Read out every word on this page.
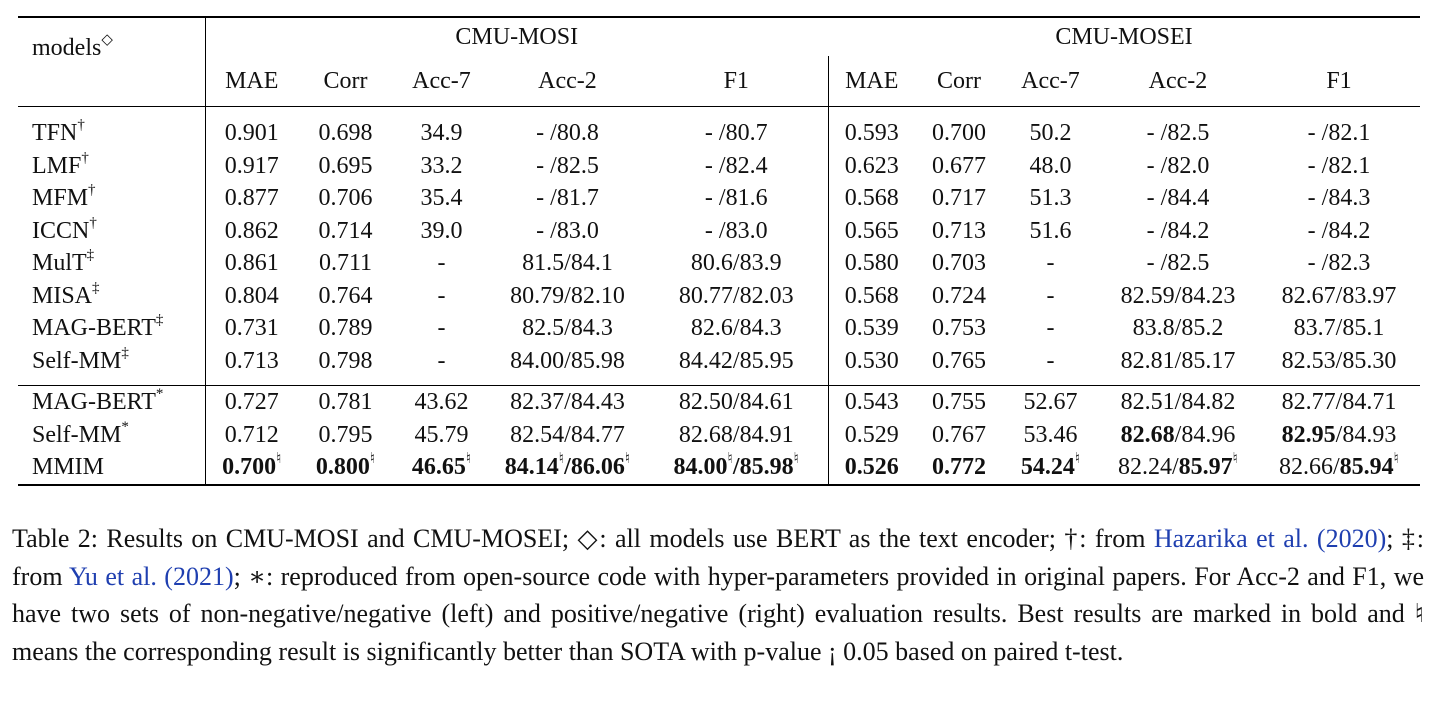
models◇	CMU-MOSI					CMU-MOSEI				
	MAE	Corr	Acc-7	Acc-2	F1	MAE	Corr	Acc-7	Acc-2	F1
TFN†	0.901	0.698	34.9	- /80.8	- /80.7	0.593	0.700	50.2	- /82.5	- /82.1
LMF†	0.917	0.695	33.2	- /82.5	- /82.4	0.623	0.677	48.0	- /82.0	- /82.1
MFM†	0.877	0.706	35.4	- /81.7	- /81.6	0.568	0.717	51.3	- /84.4	- /84.3
ICCN†	0.862	0.714	39.0	- /83.0	- /83.0	0.565	0.713	51.6	- /84.2	- /84.2
MulT‡	0.861	0.711	-	81.5/84.1	80.6/83.9	0.580	0.703	-	- /82.5	- /82.3
MISA‡	0.804	0.764	-	80.79/82.10	80.77/82.03	0.568	0.724	-	82.59/84.23	82.67/83.97
MAG-BERT‡	0.731	0.789	-	82.5/84.3	82.6/84.3	0.539	0.753	-	83.8/85.2	83.7/85.1
Self-MM‡	0.713	0.798	-	84.00/85.98	84.42/85.95	0.530	0.765	-	82.81/85.17	82.53/85.30

MAG-BERT*	0.727	0.781	43.62	82.37/84.43	82.50/84.61	0.543	0.755	52.67	82.51/84.82	82.77/84.71
Self-MM*	0.712	0.795	45.79	82.54/84.77	82.68/84.91	0.529	0.767	53.46	82.68/84.96	82.95/84.93
MMIM	0.700♮	0.800♮	46.65♮	84.14♮/86.06♮	84.00♮/85.98♮	0.526	0.772	54.24♮	82.24/85.97♮	82.66/85.94♮
Table 2: Results on CMU-MOSI and CMU-MOSEI; ◇: all models use BERT as the text encoder; †: from Hazarika et al. (2020); ‡: from Yu et al. (2021); ∗: reproduced from open-source code with hyper-parameters provided in original papers. For Acc-2 and F1, we have two sets of non-negative/negative (left) and positive/negative (right) evaluation results. Best results are marked in bold and ♮ means the corresponding result is significantly better than SOTA with p-value ¡ 0.05 based on paired t-test.
